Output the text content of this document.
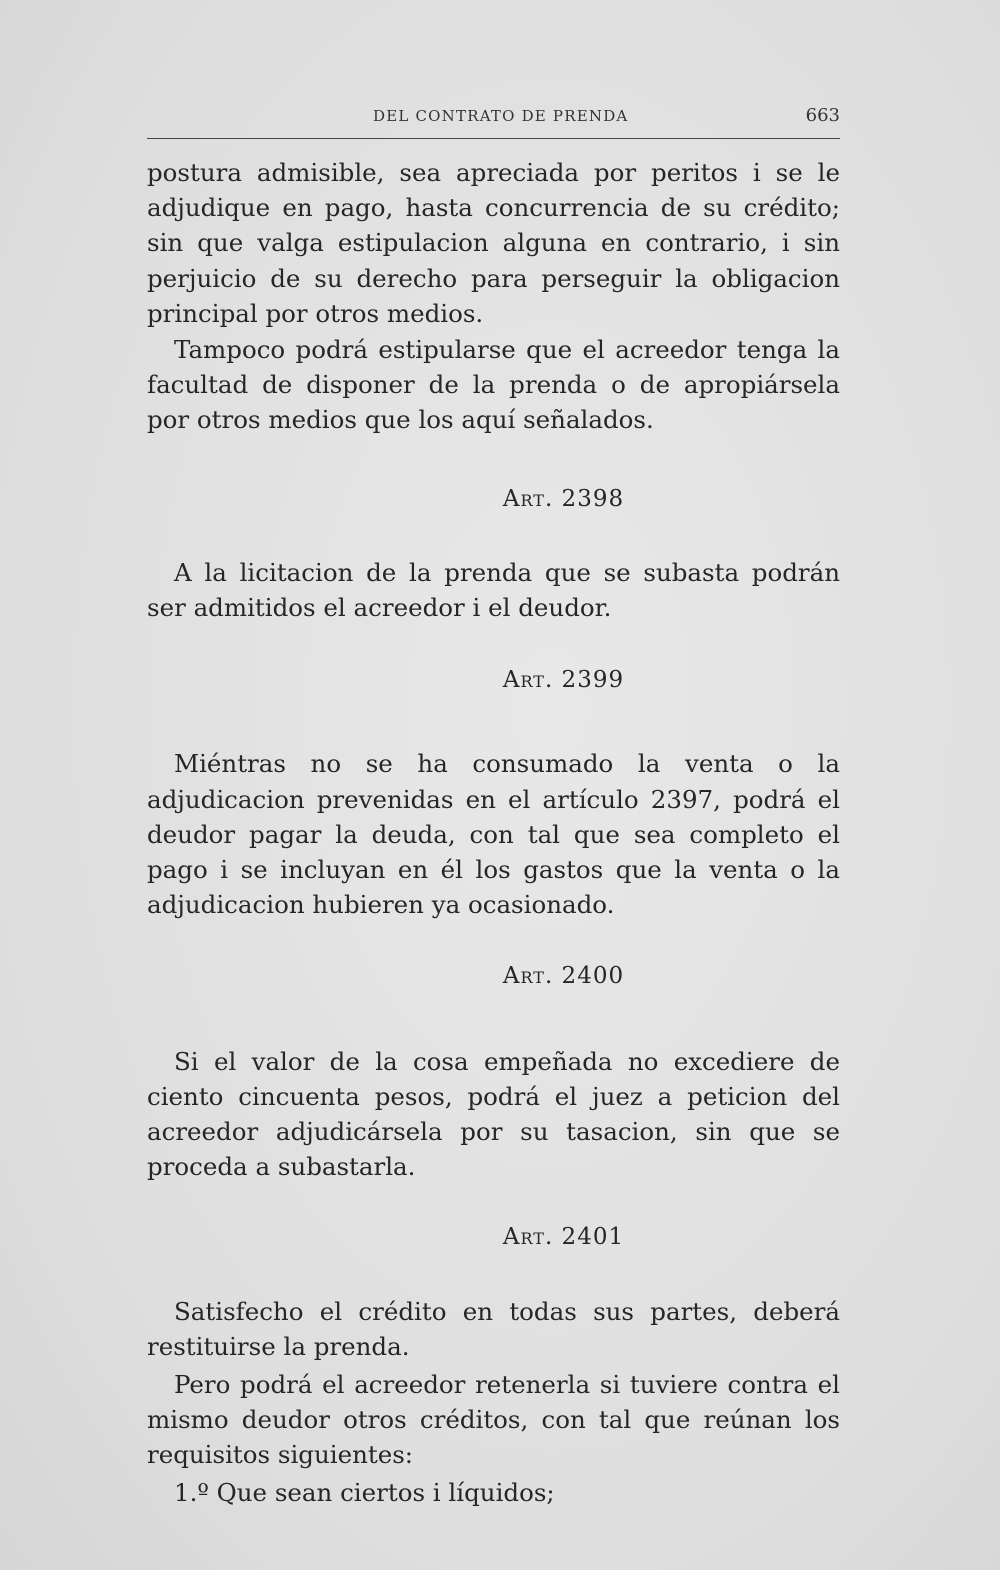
DEL CONTRATO DE PRENDA	663

postura admisible, sea apreciada por peritos i se le adjudique en pago, hasta concurrencia de su crédito; sin que valga estipulacion alguna en contrario, i sin perjuicio de su derecho para perseguir la obligacion principal por otros medios.

Tampoco podrá estipularse que el acreedor tenga la facultad de disponer de la prenda o de apropiársela por otros medios que los aquí señalados.

Art. 2398

A la licitacion de la prenda que se subasta podrán ser admitidos el acreedor i el deudor.

Art. 2399

Miéntras no se ha consumado la venta o la adjudicacion prevenidas en el artículo 2397, podrá el deudor pagar la deuda, con tal que sea completo el pago i se incluyan en él los gastos que la venta o la adjudicacion hubieren ya ocasionado.

Art. 2400

Si el valor de la cosa empeñada no excediere de ciento cincuenta pesos, podrá el juez a peticion del acreedor adjudicársela por su tasacion, sin que se proceda a subastarla.

Art. 2401

Satisfecho el crédito en todas sus partes, deberá restituirse la prenda.

Pero podrá el acreedor retenerla si tuviere contra el mismo deudor otros créditos, con tal que reúnan los requisitos siguientes:

1.º Que sean ciertos i líquidos;
